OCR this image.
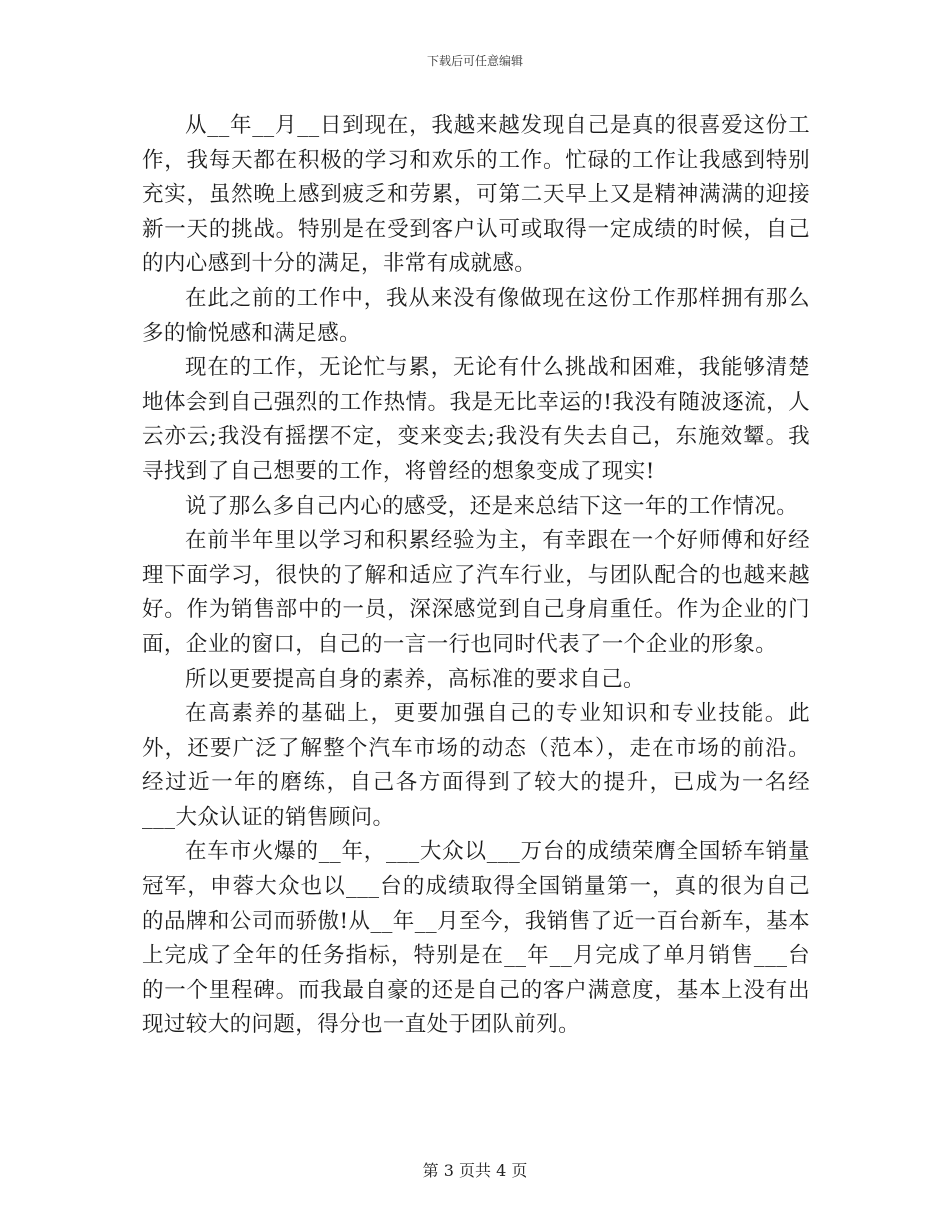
下载后可任意编辑

从__年__月__日到现在，我越来越发现自己是真的很喜爱这份工作，我每天都在积极的学习和欢乐的工作。忙碌的工作让我感到特别充实，虽然晚上感到疲乏和劳累，可第二天早上又是精神满满的迎接新一天的挑战。特别是在受到客户认可或取得一定成绩的时候，自己的内心感到十分的满足，非常有成就感。

在此之前的工作中，我从来没有像做现在这份工作那样拥有那么多的愉悦感和满足感。

现在的工作，无论忙与累，无论有什么挑战和困难，我能够清楚地体会到自己强烈的工作热情。我是无比幸运的!我没有随波逐流，人云亦云;我没有摇摆不定，变来变去;我没有失去自己，东施效颦。我寻找到了自己想要的工作，将曾经的想象变成了现实!

说了那么多自己内心的感受，还是来总结下这一年的工作情况。

在前半年里以学习和积累经验为主，有幸跟在一个好师傅和好经理下面学习，很快的了解和适应了汽车行业，与团队配合的也越来越好。作为销售部中的一员，深深感觉到自己身肩重任。作为企业的门面，企业的窗口，自己的一言一行也同时代表了一个企业的形象。

所以更要提高自身的素养，高标准的要求自己。

在高素养的基础上，更要加强自己的专业知识和专业技能。此外，还要广泛了解整个汽车市场的动态（范本），走在市场的前沿。经过近一年的磨练，自己各方面得到了较大的提升，已成为一名经___大众认证的销售顾问。

在车市火爆的__年，___大众以___万台的成绩荣膺全国轿车销量冠军，申蓉大众也以___台的成绩取得全国销量第一，真的很为自己的品牌和公司而骄傲!从__年__月至今，我销售了近一百台新车，基本上完成了全年的任务指标，特别是在__年__月完成了单月销售___台的一个里程碑。而我最自豪的还是自己的客户满意度，基本上没有出现过较大的问题，得分也一直处于团队前列。

第 3 页共 4 页
